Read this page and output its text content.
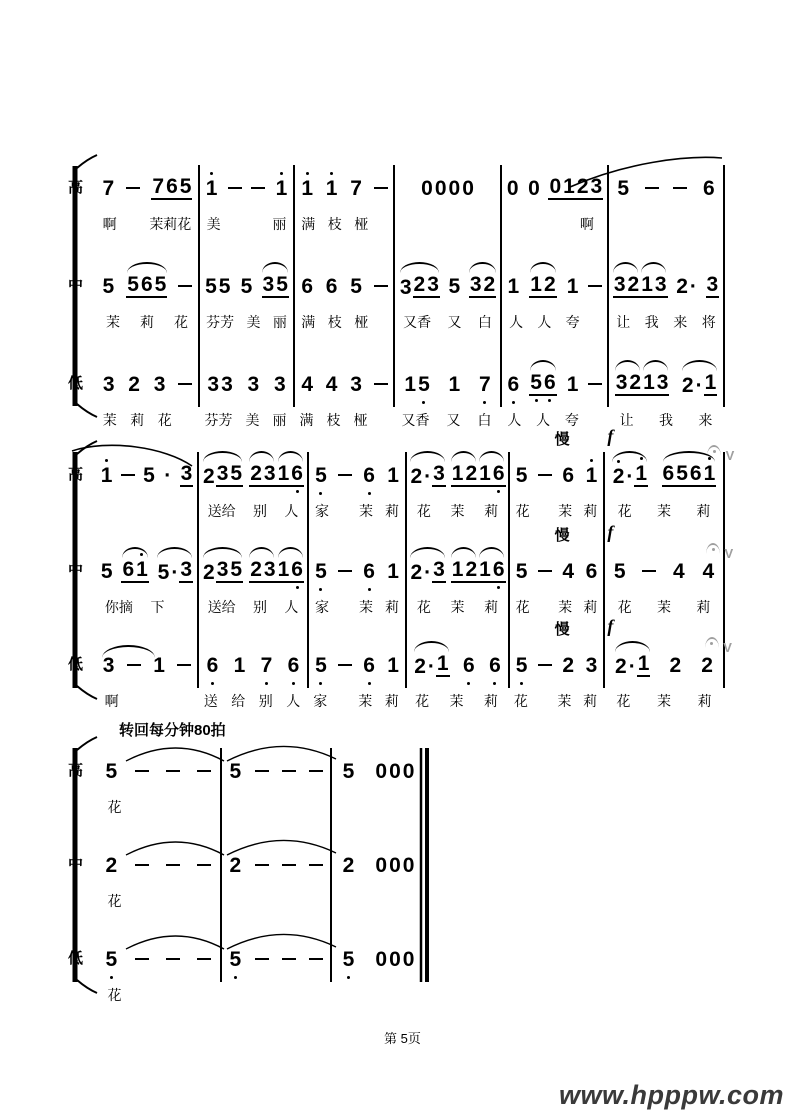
转回每分钟80拍
高 7 7 6 5 1	1 1 1 7	0 0 0 0 0 0 0 1 2 3 5	6
啊 茉莉花 美	丽 满 枝 桠	啊
中 5 5 6 5 5 5 5 3 5 6 6 5 3 2 3 5 3 2 1 1 2 1 3 2 1 3 2 · 3
茉 莉 花 芬芳 美 丽 满 枝 桠 又香 又 白 人 人 夸	让 我 来 将
低 3 2 3 3 3 3 3 4 4 3 1 5 1 7 6 5 6 1 3 2 1 3 2 · 1
茉 莉 花 芬芳 美 丽 满 枝 桠 又香 又 白 人 人 夸	让 我 来
高 1 5 · 3 2 3 5 2 3 1 6 5 6 1 2 · 3 1 2 1 6
慢
5 6 1
f
2 · 1 6 5 6 1
V
送给 别 人 家 茉 莉 花 茉 莉 花 茉 莉 花 茉 莉
中 5 6 1 5 · 3 2 3 5 2 3 1 6 5 6 1 2 · 3 1 2 1 6
慢
5 4 6
f
5 4 4
V
你摘 下	送给 别 人 家 茉 莉 花 茉 莉 花 茉 莉 花 茉 莉
低 3 1 6 1 7 6 5 6 1 2 · 1 6 6
慢
5 2 3
f
2 · 1 2 2
V
啊	送 给 别 人 家 茉 莉 花 茉 莉 花 茉 莉 花 茉 莉
高	5	5	5 0 0 0
花
中	2	2	2 0 0 0
花
低	5	5	5 0 0 0
花
第 5页
www.hpppw.com
